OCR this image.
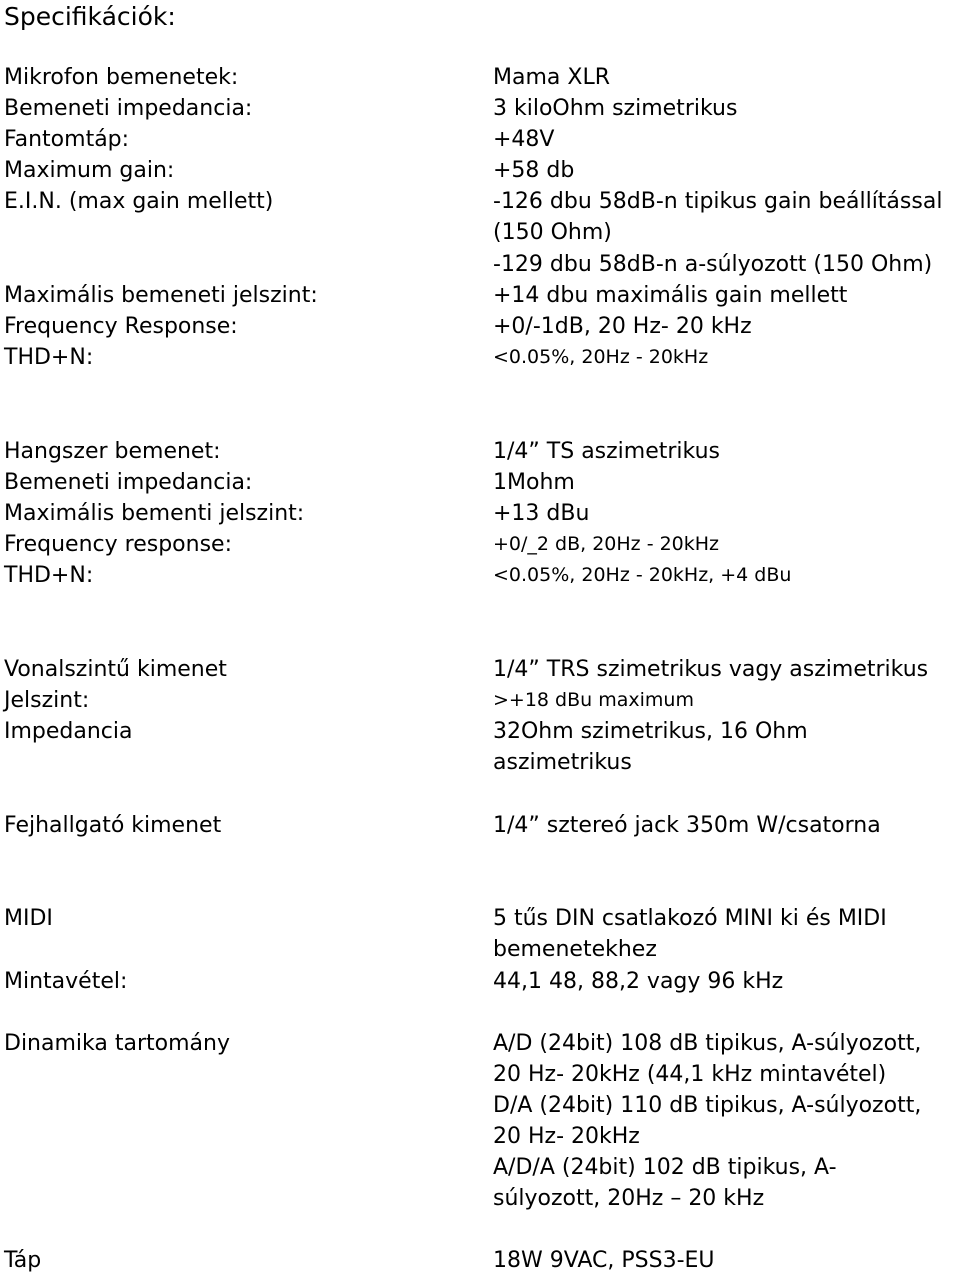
Specifikációk:
Mikrofon bemenetek:
Bemeneti impedancia:
Fantomtáp:
Maximum gain:
E.I.N. (max gain mellett)
Maximális bemeneti jelszint:
Frequency Response:
THD+N:
Hangszer bemenet:
Bemeneti impedancia:
Maximális bementi jelszint:
Frequency response:
THD+N:
Vonalszintű kimenet
Jelszint:
Impedancia
Fejhallgató kimenet
MIDI
Mintavétel:
Dinamika tartomány
Táp
Mama XLR
3 kiloOhm szimetrikus
+48V
+58 db
-126 dbu 58dB-n tipikus gain beállítással
(150 Ohm)
-129 dbu 58dB-n a-súlyozott (150 Ohm)
+14 dbu maximális gain mellett
+0/-1dB, 20 Hz- 20 kHz
<0.05%, 20Hz - 20kHz
1/4” TS aszimetrikus
1Mohm
+13 dBu
+0/_2 dB, 20Hz - 20kHz
<0.05%, 20Hz - 20kHz, +4 dBu
1/4” TRS szimetrikus vagy aszimetrikus
>+18 dBu maximum
32Ohm szimetrikus, 16 Ohm
aszimetrikus
1/4” sztereó jack 350m W/csatorna
5 tűs DIN csatlakozó MINI ki és MIDI
bemenetekhez
44,1 48, 88,2 vagy 96 kHz
A/D (24bit) 108 dB tipikus, A-súlyozott,
20 Hz- 20kHz (44,1 kHz mintavétel)
D/A (24bit) 110 dB tipikus, A-súlyozott,
20 Hz- 20kHz
A/D/A (24bit) 102 dB tipikus, A-
súlyozott, 20Hz – 20 kHz
18W 9VAC, PSS3-EU
